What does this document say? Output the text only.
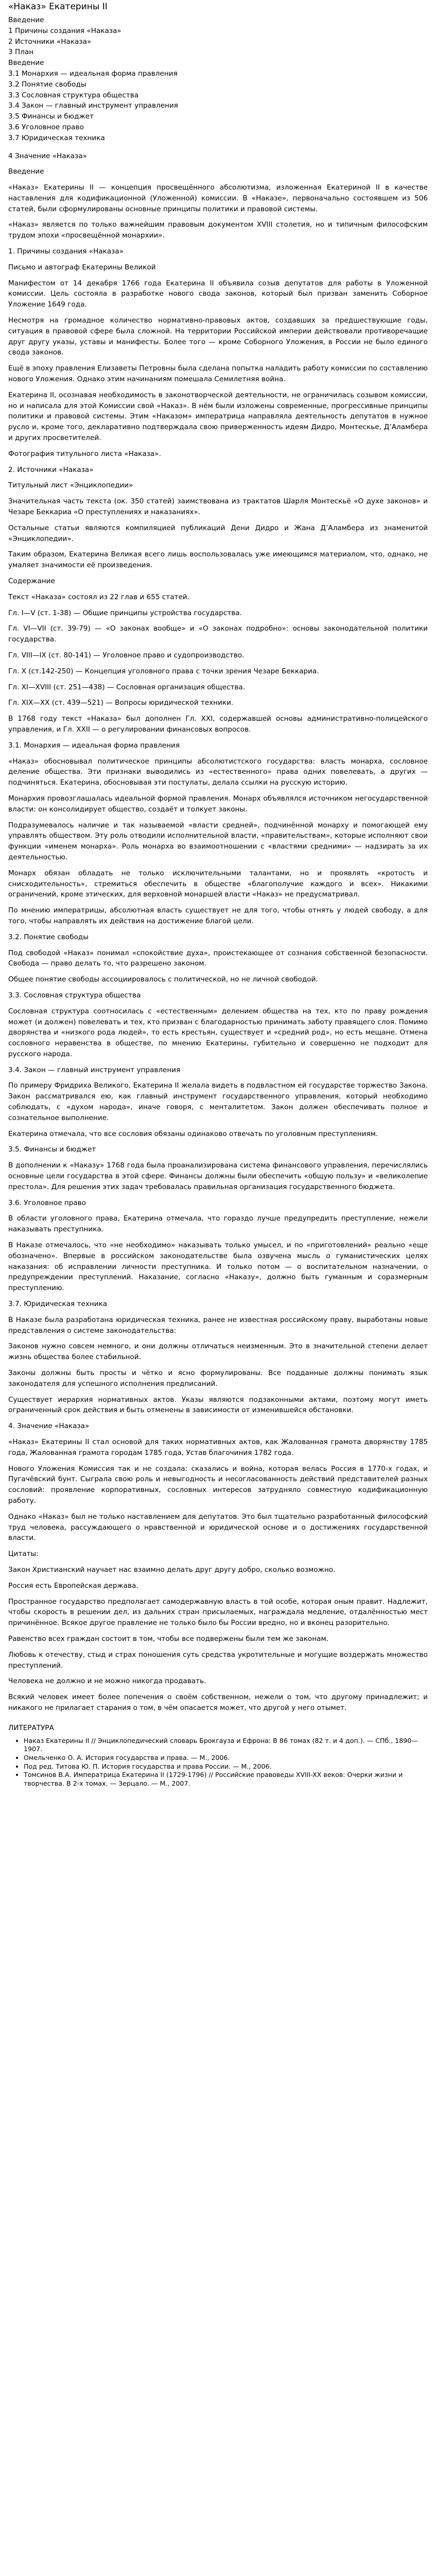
«Наказ» Екатерины II
Введение
1 Причины создания «Наказа»
2 Источники «Наказа»
3 План
Введение
3.1 Монархия — идеальная форма правления
3.2 Понятие свободы
3.3 Сословная структура общества
3.4 Закон — главный инструмент управления
3.5 Финансы и бюджет
3.6 Уголовное право
3.7 Юридическая техника
4 Значение «Наказа»
Введение

«Наказ» Екатерины II — концепция просвещённого абсолютизма, изложенная Екатериной II в качестве наставления для кодификационной (Уложенной) комиссии. В «Наказе», первоначально состоявшем из 506 статей, были сформулированы основные принципы политики и правовой системы.

«Наказ» является по только важнейшим правовым документом XVIII столетия, но и типичным философским трудом эпохи «просвещённой монархии».

1. Причины создания «Наказа»
Письмо и автограф Екатерины Великой

Манифестом от 14 декабря 1766 года Екатерина II объявила созыв депутатов для работы в Уложенной комиссии. Цель состояла в разработке нового свода законов, который был призван заменить Соборное Уложение 1649 года.

Несмотря на громадное количество нормативно-правовых актов, создавших за предшествующие годы, ситуация в правовой сфере была сложной. На территории Российской империи действовали противоречащие друг другу указы, уставы и манифесты. Более того — кроме Соборного Уложения, в России не было единого свода законов.

Ещё в эпоху правления Елизаветы Петровны была сделана попытка наладить работу комиссии по составлению нового Уложения. Однако этим начинаниям помешала Семилетняя война.

Екатерина II, осознавая необходимость в законотворческой деятельности, не ограничилась созывом комиссии, но и написала для этой Комиссии свой «Наказ». В нём были изложены современные, прогрессивные принципы политики и правовой системы. Этим «Наказом» императрица направляла деятельность депутатов в нужное русло и, кроме того, декларативно подтверждала свою приверженность идеям Дидро, Монтескье, Д’Аламбера и других просветителей.

Фотография титульного листа «Наказа».
2. Источники «Наказа»
Титульный лист «Энциклопедии»

Значительная часть текста (ок. 350 статей) заимствована из трактатов Шарля Монтескьё «О духе законов» и Чезаре Беккариа «О преступлениях и наказаниях».

Остальные статьи являются компиляцией публикаций Дени Дидро и Жана Д’Аламбера из знаменитой «Энциклопедии».

Таким образом, Екатерина Великая всего лишь воспользовалась уже имеющимся материалом, что, однако, не умаляет значимости её произведения.

Содержание
Текст «Наказа» состоял из 22 глав и 655 статей.
Гл. I—V (ст. 1-38) — Общие принципы устройства государства.

Гл. VI—VII (ст. 39-79) — «О законах вообще» и «О законах подробно»: основы законодательной политики государства.

Гл. VIII—IX (ст. 80-141) — Уголовное право и судопроизводство.

Гл. X (ст.142-250) — Концепция уголовного права с точки зрения Чезаре Беккариа.

Гл. XI—XVIII (ст. 251—438) — Сословная организация общества.
Гл. XIX—XX (ст. 439—521) — Вопросы юридической техники.

В 1768 году текст «Наказа» был дополнен Гл. XXI, содержавшей основы административно-полицейского управления, и Гл. XXII — о регулировании финансовых вопросов.

3.1. Монархия — идеальная форма правления

«Наказ» обосновывал политическое принципы абсолютистского государства: власть монарха, сословное деление общества. Эти признаки выводились из «естественного» права одних повелевать, а других — подчиняться. Екатерина, обосновывая эти постулаты, делала ссылки на русскую историю.

Монархия провозглашалась идеальной формой правления. Монарх объявлялся источником негосударственной власти: он консолидирует общество, создаёт и толкует законы.

Подразумевалось наличие и так называемой «власти средней», подчинённой монарху и помогающей ему управлять обществом. Эту роль отводили исполнительной власти, «правительствам», которые исполняют свои функции «именем монарха». Роль монарха во взаимоотношении с «властями средними» — надзирать за их деятельностью.

Монарх обязан обладать не только исключительными талантами, но и проявлять «кротость и снисходительность», стремиться обеспечить в обществе «благополучие каждого и всех». Никакими ограничений, кроме этических, для верховной монаршей власти «Наказ» не предусматривал.

По мнению императрицы, абсолютная власть существует не для того, чтобы отнять у людей свободу, а для того, чтобы направлять их действия на достижение благой цели.

3.2. Понятие свободы

Под свободой «Наказ» понимал «спокойствие духа», проистекающее от сознания собственной безопасности. Свобода — право делать то, что разрешено законом.

Общее понятие свободы ассоциировалось с политической, но не личной свободой.

3.3. Сословная структура общества

Сословная структура соотносилась с «естественным» делением общества на тех, кто по праву рождения может (и должен) повелевать и тех, кто призван с благодарностью принимать заботу правящего слоя. Помимо дворянства и «низкого рода людей», то есть крестьян, существует и «средний род», но есть мещане. Отмена сословного неравенства в обществе, по мнению Екатерины, губительно и совершенно не подходит для русского народа.

3.4. Закон — главный инструмент управления

По примеру Фридриха Великого, Екатерина II желала видеть в подвластном ей государстве торжество Закона. Закон рассматривался ею, как главный инструмент государственного управления, который необходимо соблюдать, с «духом народа», иначе говоря, с менталитетом. Закон должен обеспечивать полное и сознательное выполнение.

Екатерина отмечала, что все сословия обязаны одинаково отвечать по уголовным преступлениям.

3.5. Финансы и бюджет

В дополнении к «Наказу» 1768 года была проанализирована система финансового управления, перечислялись основные цели государства в этой сфере. Финансы должны были обеспечить «общую пользу» и «великолепие престола». Для решения этих задач требовалась правильная организация государственного бюджета.

3.6. Уголовное право

В области уголовного права, Екатерина отмечала, что гораздо лучше предупредить преступление, нежели наказывать преступника.

В Наказе отмечалось, что «не необходимо» наказывать только умысел, и по «приготовлений» реально «еще обозначено». Впервые в российском законодательстве была озвучена мысль о гуманистических целях наказания: об исправлении личности преступника. И только потом — о воспитательном назначении, о предупреждении преступлений. Наказание, согласно «Наказу», должно быть гуманным и соразмерным преступлению.

3.7. Юридическая техника

В Наказе была разработана юридическая техника, ранее не известная российскому праву, выработаны новые представления о системе законодательства:

Законов нужно совсем немного, и они должны отличаться неизменным. Это в значительной степени делает жизнь общества более стабильной.

Законы должны быть просты и чётко и ясно формулированы. Все подданные должны понимать язык законодателя для успешного исполнения предписаний.

Существует иерархия нормативных актов. Указы являются подзаконными актами, поэтому могут иметь ограниченный срок действия и быть отменены в зависимости от изменившейся обстановки.

4. Значение «Наказа»

«Наказ» Екатерины II стал основой для таких нормативных актов, как Жалованная грамота дворянству 1785 года, Жалованная грамота городам 1785 года, Устав благочиния 1782 года.

Нового Уложения Комиссия так и не создала: сказались и война, которая велась Россия в 1770-х годах, и Пугачёвский бунт. Сыграла свою роль и невыгодность и несогласованность действий представителей разных сословий: проявление корпоративных, сословных интересов затрудняло совместную кодификационную работу.

Однако «Наказ» был не только наставлением для депутатов. Это был тщательно разработанный философский труд человека, рассуждающего о нравственной и юридической основе и о достижениях государственной власти.

Цитаты:

Закон Христианский научает нас взаимно делать друг другу добро, сколько возможно.

Россия есть Европейская держава.

Пространное государство предполагает самодержавную власть в той особе, которая оным правит. Надлежит, чтобы скорость в решении дел, из дальних стран присылаемых, награждала медление, отдалённостью мест причинённое. Всякое другое правление не только было бы России вредно, но и вконец разорительно.

Равенство всех граждан состоит в том, чтобы все подвержены были тем же законам.

Любовь к отечеству, стыд и страх поношения суть средства укротительные и могущие воздержать множество преступлений.

Человека не должно и не можно никогда продавать.

Всякий человек имеет более попечения о своём собственном, нежели о том, что другому принадлежит; и никакого не прилагает старания о том, в чём опасается может, что другой у него отымет.

ЛИТЕРАТУРА
• Наказ Екатерины II // Энциклопедический словарь Брокгауза и Ефрона: В 86 томах (82 т. и 4 доп.). — СПб., 1890—1907.
• Омельченко О. А. История государства и права. — М., 2006.
• Под ред. Титова Ю. П. История государства и права России. — М., 2006.
• Томсинов В.А. Императрица Екатерина II (1729-1796) // Российские правоведы XVIII-XX веков: Очерки жизни и творчества. В 2-х томах. — Зерцало. — М., 2007.
